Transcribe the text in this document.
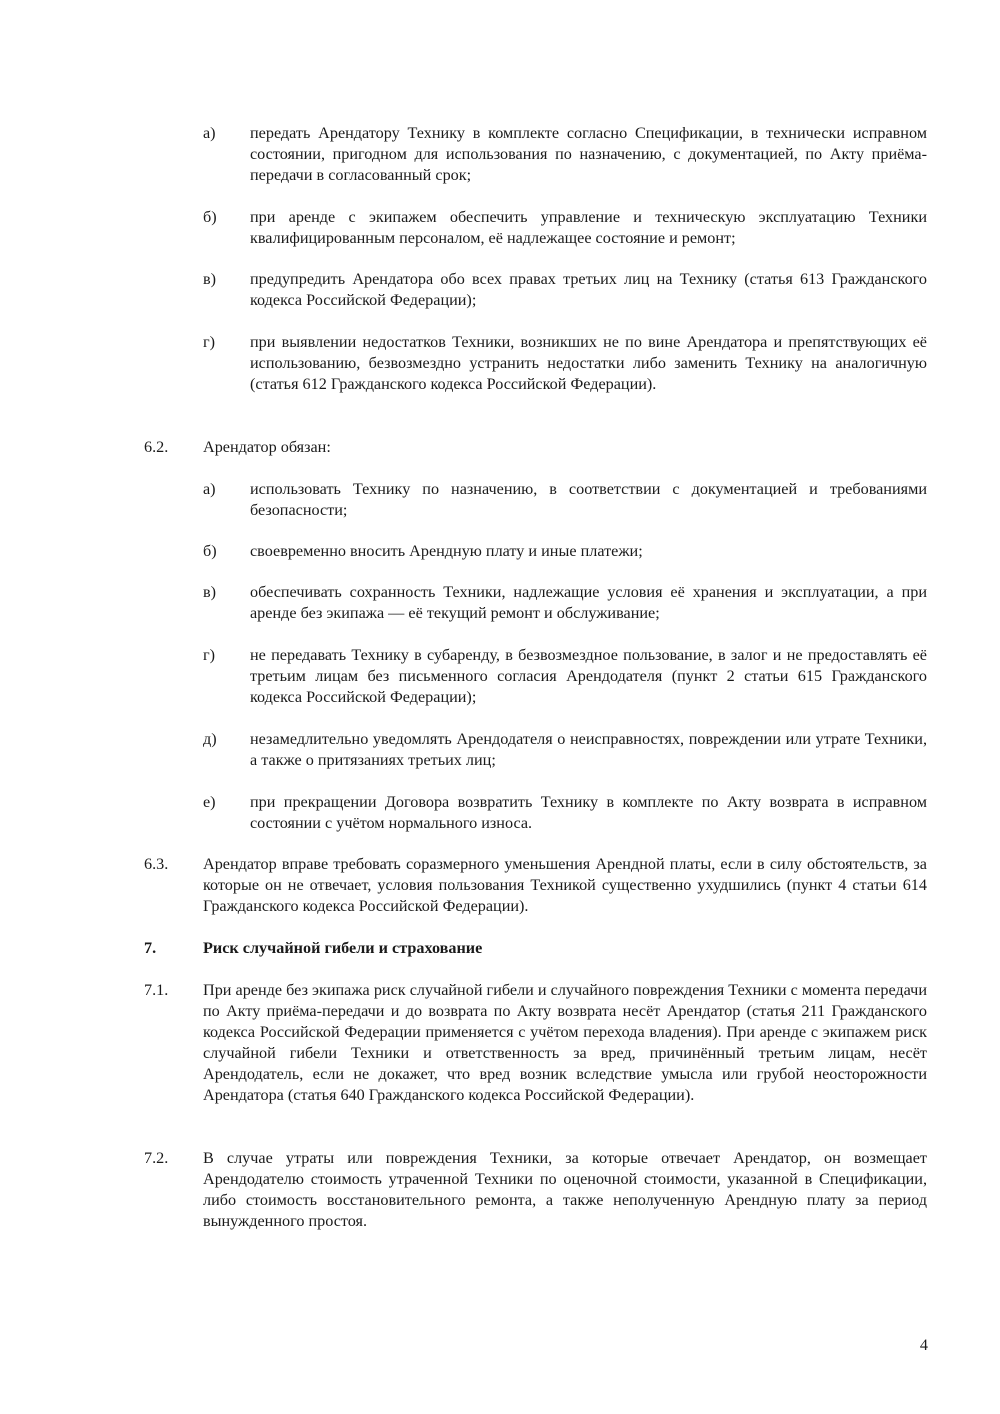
а) передать Арендатору Технику в комплекте согласно Спецификации, в технически исправном состоянии, пригодном для использования по назначению, с документацией, по Акту приёма-передачи в согласованный срок;
б) при аренде с экипажем обеспечить управление и техническую эксплуатацию Техники квалифицированным персоналом, её надлежащее состояние и ремонт;
в) предупредить Арендатора обо всех правах третьих лиц на Технику (статья 613 Гражданского кодекса Российской Федерации);
г) при выявлении недостатков Техники, возникших не по вине Арендатора и препятствующих её использованию, безвозмездно устранить недостатки либо заменить Технику на аналогичную (статья 612 Гражданского кодекса Российской Федерации).
6.2. Арендатор обязан:
а) использовать Технику по назначению, в соответствии с документацией и требованиями безопасности;
б) своевременно вносить Арендную плату и иные платежи;
в) обеспечивать сохранность Техники, надлежащие условия её хранения и эксплуатации, а при аренде без экипажа — её текущий ремонт и обслуживание;
г) не передавать Технику в субаренду, в безвозмездное пользование, в залог и не предоставлять её третьим лицам без письменного согласия Арендодателя (пункт 2 статьи 615 Гражданского кодекса Российской Федерации);
д) незамедлительно уведомлять Арендодателя о неисправностях, повреждении или утрате Техники, а также о притязаниях третьих лиц;
е) при прекращении Договора возвратить Технику в комплекте по Акту возврата в исправном состоянии с учётом нормального износа.
6.3. Арендатор вправе требовать соразмерного уменьшения Арендной платы, если в силу обстоятельств, за которые он не отвечает, условия пользования Техникой существенно ухудшились (пункт 4 статьи 614 Гражданского кодекса Российской Федерации).
7.	Риск случайной гибели и страхование
7.1. При аренде без экипажа риск случайной гибели и случайного повреждения Техники с момента передачи по Акту приёма-передачи и до возврата по Акту возврата несёт Арендатор (статья 211 Гражданского кодекса Российской Федерации применяется с учётом перехода владения). При аренде с экипажем риск случайной гибели Техники и ответственность за вред, причинённый третьим лицам, несёт Арендодатель, если не докажет, что вред возник вследствие умысла или грубой неосторожности Арендатора (статья 640 Гражданского кодекса Российской Федерации).
7.2. В случае утраты или повреждения Техники, за которые отвечает Арендатор, он возмещает Арендодателю стоимость утраченной Техники по оценочной стоимости, указанной в Спецификации, либо стоимость восстановительного ремонта, а также неполученную Арендную плату за период вынужденного простоя.
4
